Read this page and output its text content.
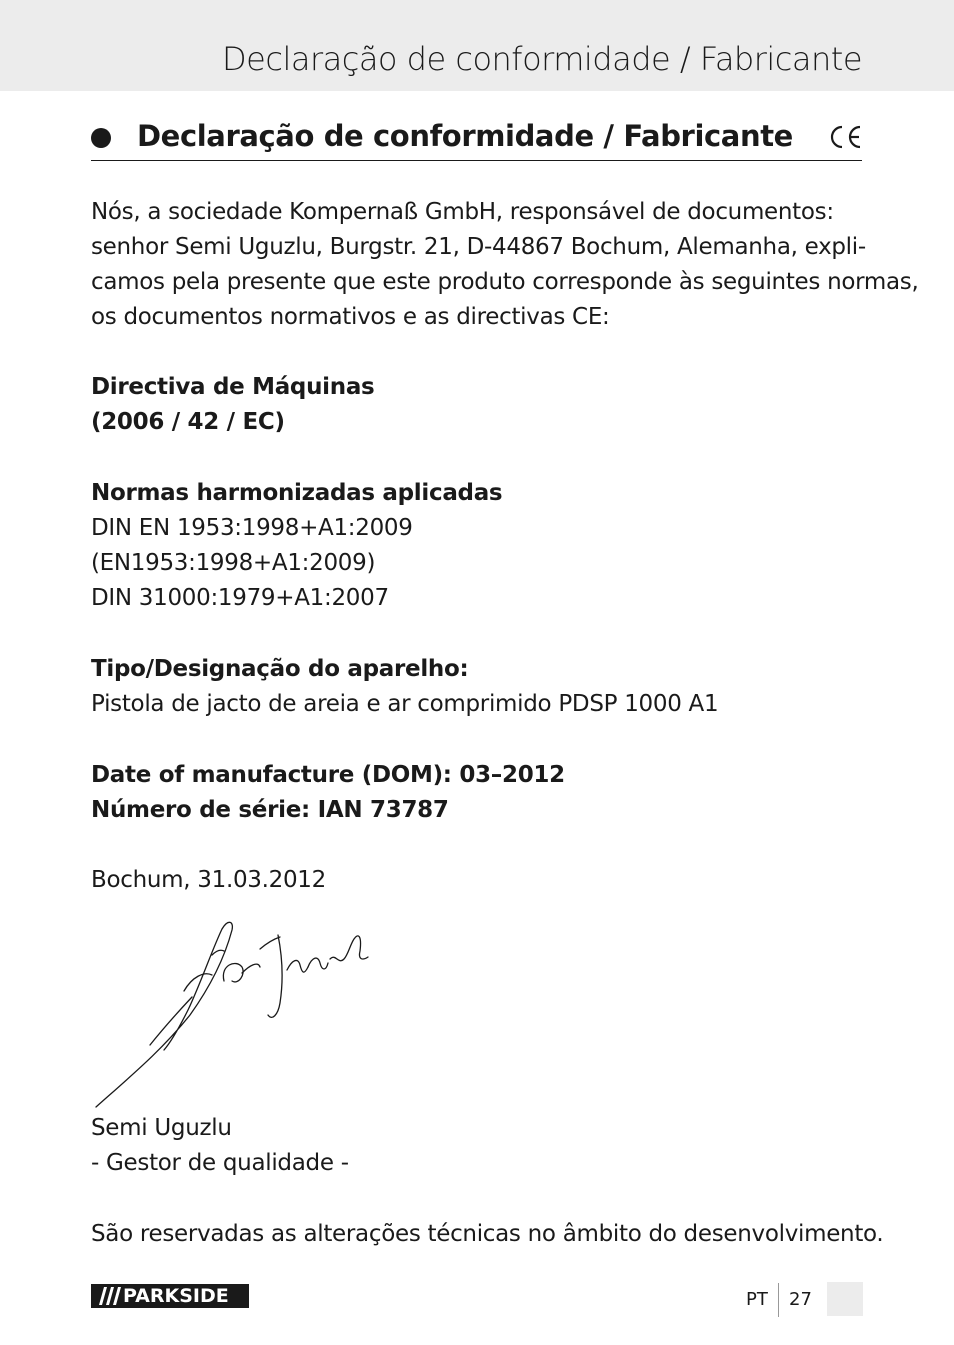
Declaração de conformidade / Fabricante
Declaração de conformidade / Fabricante
Nós, a sociedade Kompernaß GmbH, responsável de documentos:
senhor Semi Uguzlu, Burgstr. 21, D-44867 Bochum, Alemanha, expli-
camos pela presente que este produto corresponde às seguintes normas,
os documentos normativos e as directivas CE:
Directiva de Máquinas
(2006 / 42 / EC)
Normas harmonizadas aplicadas
DIN EN 1953:1998+A1:2009
(EN1953:1998+A1:2009)
DIN 31000:1979+A1:2007
Tipo/Designação do aparelho:
Pistola de jacto de areia e ar comprimido PDSP 1000 A1
Date of manufacture (DOM): 03–2012
Número de série: IAN 73787
Bochum, 31.03.2012
Semi Uguzlu
- Gestor de qualidade -
São reservadas as alterações técnicas no âmbito do desenvolvimento.
PARKSIDE	PT 27
